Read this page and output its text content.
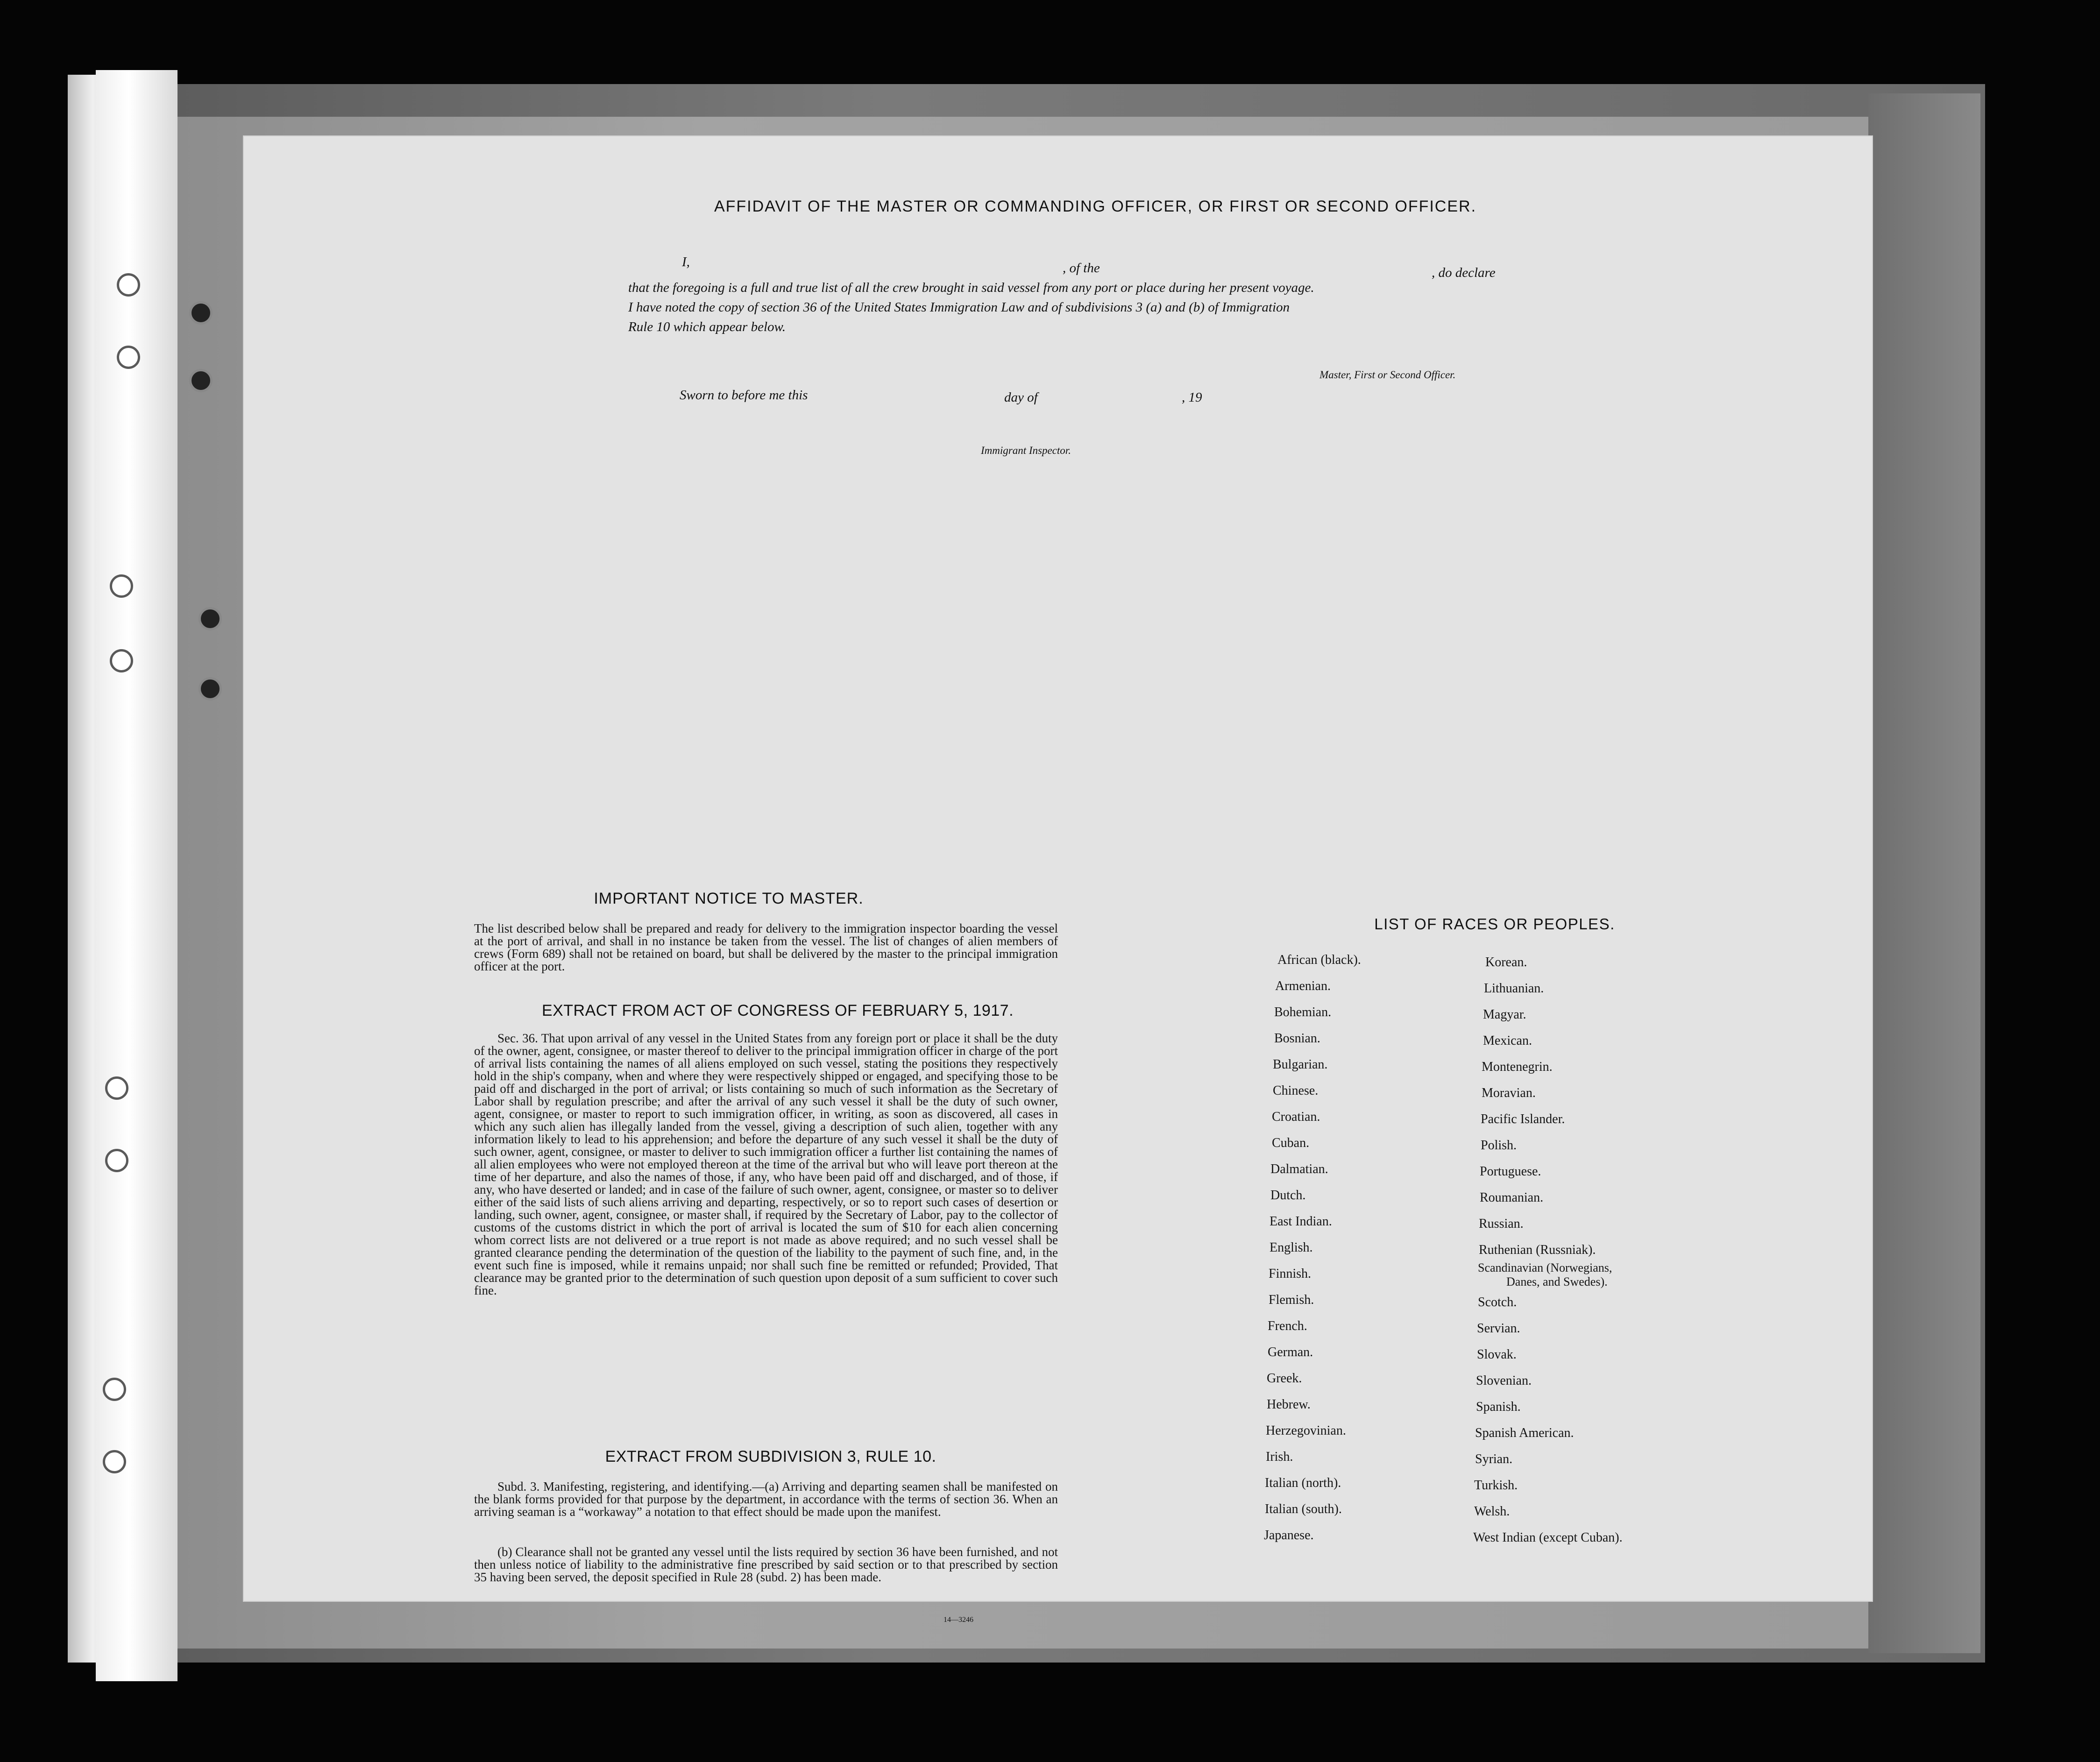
AFFIDAVIT OF THE MASTER OR COMMANDING OFFICER, OR FIRST OR SECOND OFFICER.
I,	, of the	, do declare
that the foregoing is a full and true list of all the crew brought in said vessel from any port or place during her present voyage.
I have noted the copy of section 36 of the United States Immigration Law and of subdivisions 3 (a) and (b) of Immigration
Rule 10 which appear below.
Master, First or Second Officer.
Sworn to before me this	day of	, 19
Immigrant Inspector.
IMPORTANT NOTICE TO MASTER.
The list described below shall be prepared and ready for delivery to the immigration inspector boarding the vessel at the port of arrival, and shall in no instance be taken from the vessel. The list of changes of alien members of crews (Form 689) shall not be retained on board, but shall be delivered by the master to the principal immigration officer at the port.
EXTRACT FROM ACT OF CONGRESS OF FEBRUARY 5, 1917.
Sec. 36. That upon arrival of any vessel in the United States from any foreign port or place it shall be the duty of the owner, agent, consignee, or master thereof to deliver to the principal immigration officer in charge of the port of arrival lists containing the names of all aliens employed on such vessel, stating the positions they respectively hold in the ship's company, when and where they were respectively shipped or engaged, and specifying those to be paid off and discharged in the port of arrival; or lists containing so much of such information as the Secretary of Labor shall by regulation prescribe; and after the arrival of any such vessel it shall be the duty of such owner, agent, consignee, or master to report to such immigration officer, in writing, as soon as discovered, all cases in which any such alien has illegally landed from the vessel, giving a description of such alien, together with any information likely to lead to his apprehension; and before the departure of any such vessel it shall be the duty of such owner, agent, consignee, or master to deliver to such immigration officer a further list containing the names of all alien employees who were not employed thereon at the time of the arrival but who will leave port thereon at the time of her departure, and also the names of those, if any, who have been paid off and discharged, and of those, if any, who have deserted or landed; and in case of the failure of such owner, agent, consignee, or master so to deliver either of the said lists of such aliens arriving and departing, respectively, or so to report such cases of desertion or landing, such owner, agent, consignee, or master shall, if required by the Secretary of Labor, pay to the collector of customs of the customs district in which the port of arrival is located the sum of $10 for each alien concerning whom correct lists are not delivered or a true report is not made as above required; and no such vessel shall be granted clearance pending the determination of the question of the liability to the payment of such fine, and, in the event such fine is imposed, while it remains unpaid; nor shall such fine be remitted or refunded; Provided, That clearance may be granted prior to the determination of such question upon deposit of a sum sufficient to cover such fine.
EXTRACT FROM SUBDIVISION 3, RULE 10.
Subd. 3. Manifesting, registering, and identifying.—(a) Arriving and departing seamen shall be manifested on the blank forms provided for that purpose by the department, in accordance with the terms of section 36. When an arriving seaman is a “workaway” a notation to that effect should be made upon the manifest.
(b) Clearance shall not be granted any vessel until the lists required by section 36 have been furnished, and not then unless notice of liability to the administrative fine prescribed by said section or to that prescribed by section 35 having been served, the deposit specified in Rule 28 (subd. 2) has been made.
14—3246
LIST OF RACES OR PEOPLES.
African (black).
Armenian.
Bohemian.
Bosnian.
Bulgarian.
Chinese.
Croatian.
Cuban.
Dalmatian.
Dutch.
East Indian.
English.
Finnish.
Flemish.
French.
German.
Greek.
Hebrew.
Herzegovinian.
Irish.
Italian (north).
Italian (south).
Japanese.
Korean.
Lithuanian.
Magyar.
Mexican.
Montenegrin.
Moravian.
Pacific Islander.
Polish.
Portuguese.
Roumanian.
Russian.
Ruthenian (Russniak).
Scandinavian (Norwegians,
Danes, and Swedes).
Scotch.
Servian.
Slovak.
Slovenian.
Spanish.
Spanish American.
Syrian.
Turkish.
Welsh.
West Indian (except Cuban).
